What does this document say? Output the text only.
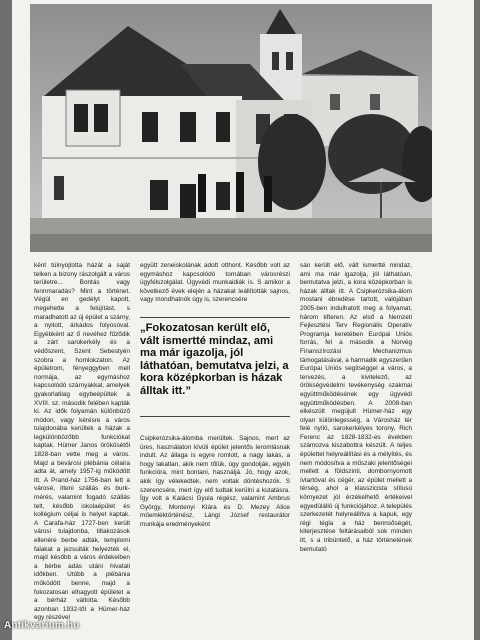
ként túlnyújtotta házát a saját telken a bizony rászolgált a város területre... Bontás vagy fennmaradás? Mint a történet. Végül en gedélyt kapott, megehette a felújítást, s maradhatott az új épület a szárny, a nyitott, árkádos folyosóval. Egyébként az ő nevéhez fűződik a zárt sarokerkély és a védőszent, Szent Sebestyén szobra a homlokzaton. Az épületrom, fényeggyben mell normája, az egymáshoz kapcsolódó szárnyakkal, amelyek gyakorlatilag egybeépültek a XVIII. sz. második felében kapták ki. Az idők folyamán különböző módon, vagy kérésre a város tulajdonába kerültek a házak a legkülönbözőbb funkciókat kaptak. Hümer Janos örökösétől 1828-ban vette meg a város. Majd a bevárosi plébánia célaira adta át, amely 1957-ig működött itt. A Prand-ház 1756-ban lett a városé, itteni szállás és burk-mérés, valamint fogadó szállás telt, később iskolaépület és kollégium céljai is helyet kaptak. A Carafa-ház 1727-ben került városi tulajdonba, tiltakozások ellenére berbe adták, templomi falakat a jezsuiták helyezték el, majd később a város érdekeiben a bérbe adás utáni hivatali időkben. Utóbb a plébánia működött benne, majd a fokozatosan elhagyott épületet a a bérház váltotta. Később azonban 1932-től a Hümer-ház egy részével

együtt zeneiskolának adott otthont. Később volt az egymáshoz kapcsolódó tornában városrészi ügyfélszolgálat. Ügyvédi munkaidiák is. S amikor a következő évek elején a házakat leállították sajnos, vagy mondhatnók úgy is, szerencsére

„Fokozatosan került elő, vált ismertté mindaz, ami ma már igazolja, jól láthatóan, bemutatva jelzi, a kora középkorban is házak álltak itt.”

Csipkerózsika-álomba merültek. Sajnos, mert az üres, használaton kívüli épület jelentős leromlásnak indult. Az állaga is egyre romlott, a nagy lakás, a hogy lakatlan, akik nem tőlük, úgy gondolják, egyéb funkcióra, mint bontani, használjá. Jó, hogy azok, akik így vélekedtek, nem voltak döntéshozók. S szerencsére, mert így elő tudtak kerülni a kutatásra. Így volt a Kalácsi Gyula régész, valamint Ambrus György, Montenyi Klára és D. Mezey Alice műemléktörténész, Lángi József restaurátor munkája eredményeként

sán került elő, vált ismertté mindaz, ami ma már igazolja, jól láthatóan, bemutatva jelzi, a kora középkorban is házak álltak itt. A Csipkerózsika-álom mostani ébredése tartott, valójában 2005-ben indulhatott meg a folyamat, három kfteren. Az első a Nemzeti Fejlesztési Terv Regionális Operatív Programja keretében Európai Uniós forrás, fel a második a Norvég Finanszírozási Mechanizmus támogatásával, a harmadik egyszerűen Európai Uniós segítséggel a város, a tervezés, a kivitelező, az örökségvédelmi tevékenység szakmai együttműködésének egy ügyvédi együttműködésben. A 2008-ban elkészült megújult Hümer-ház egy olyan különlegesség, a Városház tér felé nyíló, sarokerkélyes torony, Rich Ferenc az 1828-1832-es években számozva kiszabottra készült. A teljes épülettel helyreállítási és a mélyítés, és nem módosítva a műszaki jelentőségei mellett a földszinti, dombornyomott ívtartóval és cégér, az épület mellett a térség, ahol a klasszicista stílusú környezet jól érzékelhető értékeivel egyedülálló új funkciójához. A település szerkezetét helyreállítva a kapuk, egy régi tégla a ház bennsőségét, kiterjesztése feltárásaiból sok minden itt, s a tribüntető, a ház történetének bemutató

Antikvarium.hu
